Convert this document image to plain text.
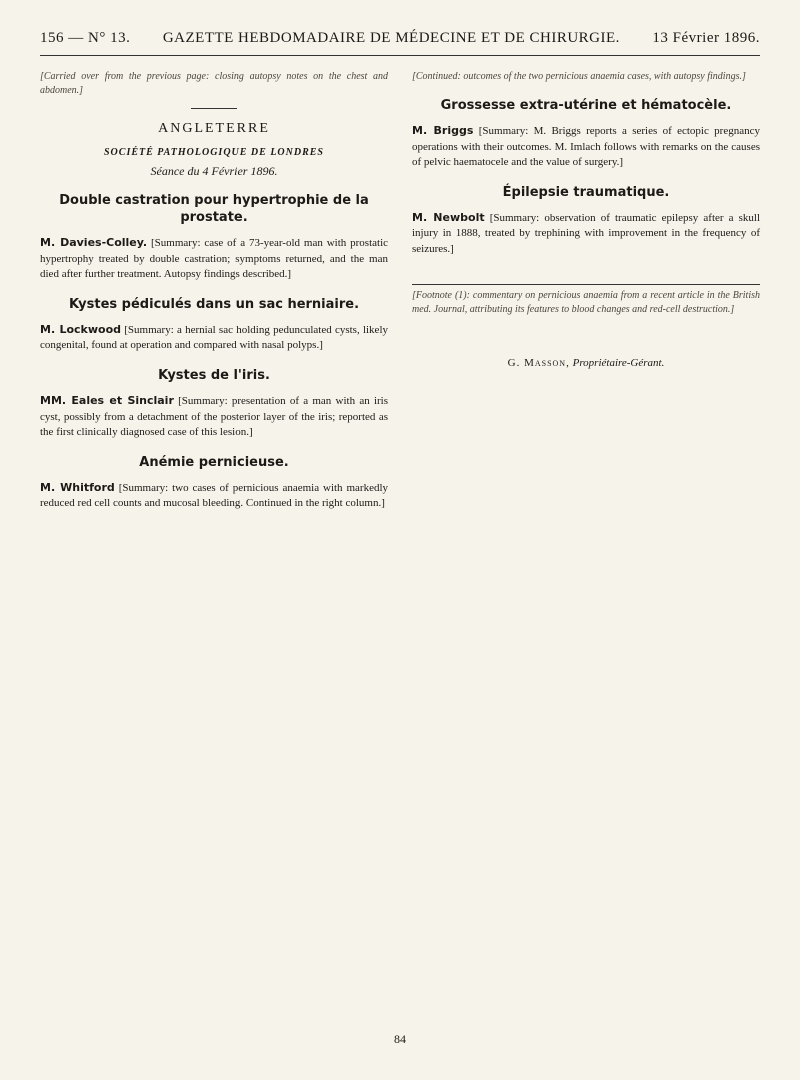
156 — N° 13. GAZETTE HEBDOMADAIRE DE MÉDECINE ET DE CHIRURGIE. 13 Février 1896.

[Carried over from the previous page: closing autopsy notes on the chest and abdomen.]

ANGLETERRE
SOCIÉTÉ PATHOLOGIQUE DE LONDRES
Séance du 4 Février 1896.
Double castration pour hypertrophie de la prostate.

M. Davies-Colley. [Summary: case of a 73-year-old man with prostatic hypertrophy treated by double castration; symptoms returned, and the man died after further treatment. Autopsy findings described.]

Kystes pédiculés dans un sac herniaire.

M. Lockwood [Summary: a hernial sac holding pedunculated cysts, likely congenital, found at operation and compared with nasal polyps.]

Kystes de l'iris.

MM. Eales et Sinclair [Summary: presentation of a man with an iris cyst, possibly from a detachment of the posterior layer of the iris; reported as the first clinically diagnosed case of this lesion.]

Anémie pernicieuse.

M. Whitford [Summary: two cases of pernicious anaemia with markedly reduced red cell counts and mucosal bleeding. Continued in the right column.]

[Continued: outcomes of the two pernicious anaemia cases, with autopsy findings.]

Grossesse extra-utérine et hématocèle.

M. Briggs [Summary: M. Briggs reports a series of ectopic pregnancy operations with their outcomes. M. Imlach follows with remarks on the causes of pelvic haematocele and the value of surgery.]

Épilepsie traumatique.

M. Newbolt [Summary: observation of traumatic epilepsy after a skull injury in 1888, treated by trephining with improvement in the frequency of seizures.]

[Footnote (1): commentary on pernicious anaemia from a recent article in the British med. Journal, attributing its features to blood changes and red-cell destruction.]

G. Masson, Propriétaire-Gérant.
84
